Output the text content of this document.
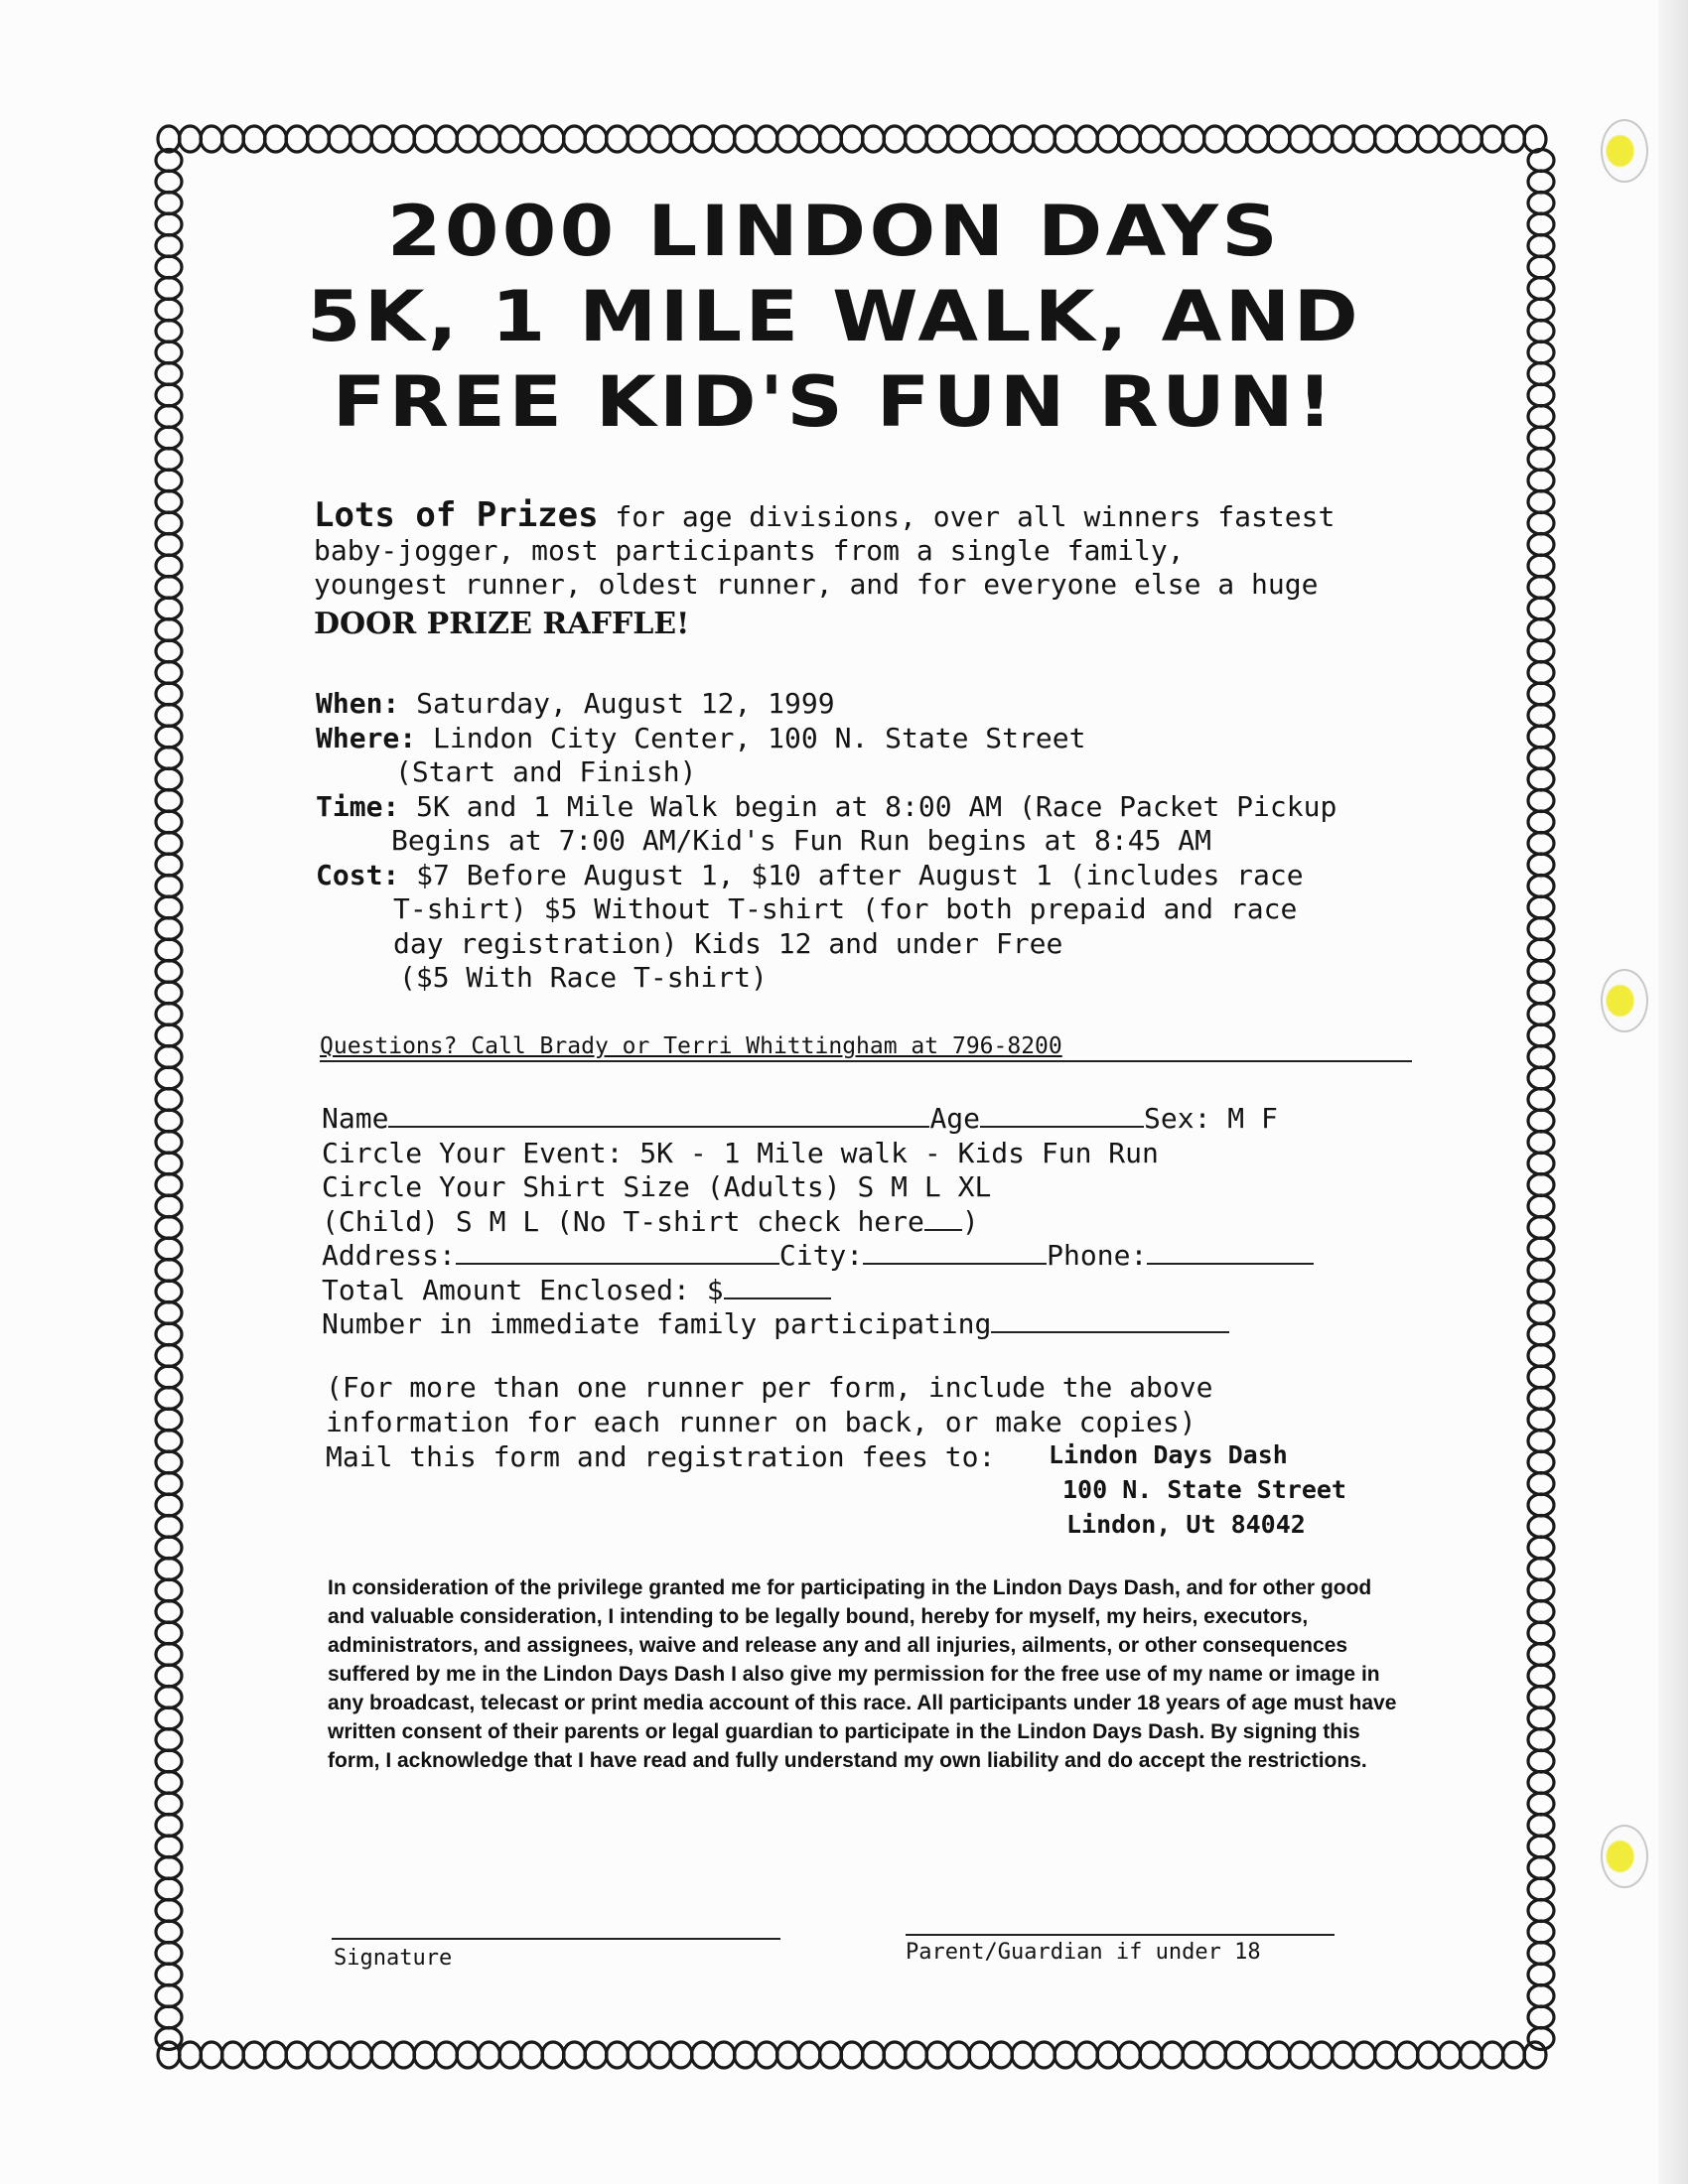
2000 LINDON DAYS
5K, 1 MILE WALK, AND
FREE KID'S FUN RUN!
Lots of Prizes for age divisions, over all winners fastest
baby-jogger, most participants from a single family,
youngest runner, oldest runner, and for everyone else a huge
DOOR PRIZE RAFFLE!
When: Saturday, August 12, 1999
Where: Lindon City Center, 100 N. State Street
(Start and Finish)
Time: 5K and 1 Mile Walk begin at 8:00 AM (Race Packet Pickup
Begins at 7:00 AM/Kid's Fun Run begins at 8:45 AM
Cost: $7 Before August 1, $10 after August 1 (includes race
T-shirt) $5 Without T-shirt (for both prepaid and race
day registration) Kids 12 and under Free
($5 With Race T-shirt)
Questions? Call Brady or Terri Whittingham at 796-8200
Name	Age	Sex: M F
Circle Your Event: 5K - 1 Mile walk - Kids Fun Run
Circle Your Shirt Size (Adults) S M L XL
(Child) S M L (No T-shirt check here )
Address:	City:	Phone:
Total Amount Enclosed: $
Number in immediate family participating
(For more than one runner per form, include the above
information for each runner on back, or make copies)
Mail this form and registration fees to:	Lindon Days Dash
100 N. State Street
Lindon, Ut 84042
In consideration of the privilege granted me for participating in the Lindon Days Dash, and for other good and valuable consideration, I intending to be legally bound, hereby for myself, my heirs, executors, administrators, and assignees, waive and release any and all injuries, ailments, or other consequences suffered by me in the Lindon Days Dash I also give my permission for the free use of my name or image in any broadcast, telecast or print media account of this race. All participants under 18 years of age must have written consent of their parents or legal guardian to participate in the Lindon Days Dash. By signing this form, I acknowledge that I have read and fully understand my own liability and do accept the restrictions.
Signature	Parent/Guardian if under 18
